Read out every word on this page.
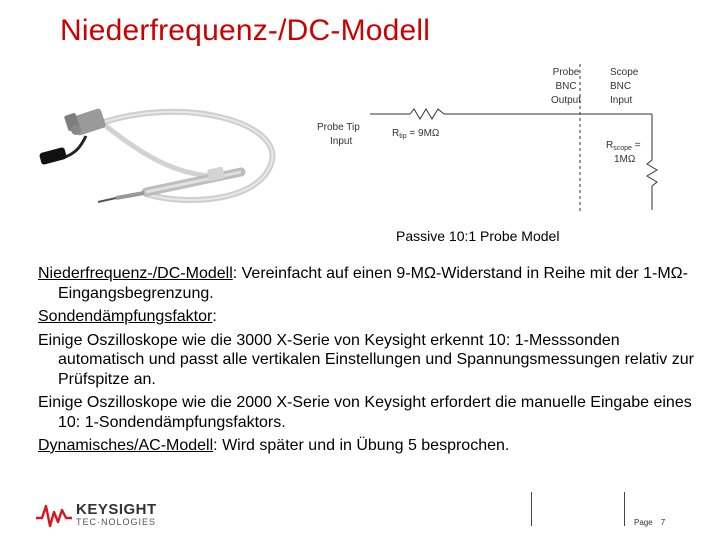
Niederfrequenz-/DC-Modell
Probe
BNC
Output
Scope
BNC
Input
Probe Tip
Input
$R_{tip} = 9M\Omega$
$R_{scope}$ =
1MΩ
Passive 10:1 Probe Model

Niederfrequenz-/DC-Modell: Vereinfacht auf einen 9-MΩ-Widerstand in Reihe mit der 1-MΩ-Eingangsbegrenzung.

Sondendämpfungsfaktor:

Einige Oszilloskope wie die 3000 X-Serie von Keysight erkennt 10: 1-Messsonden automatisch und passt alle vertikalen Einstellungen und Spannungsmessungen relativ zur Prüfspitze an.

Einige Oszilloskope wie die 2000 X-Serie von Keysight erfordert die manuelle Eingabe eines 10: 1-Sondendämpfungsfaktors.

Dynamisches/AC-Modell: Wird später und in Übung 5 besprochen.

KEYSIGHT
TEC·NOLOGIES	Page 7
